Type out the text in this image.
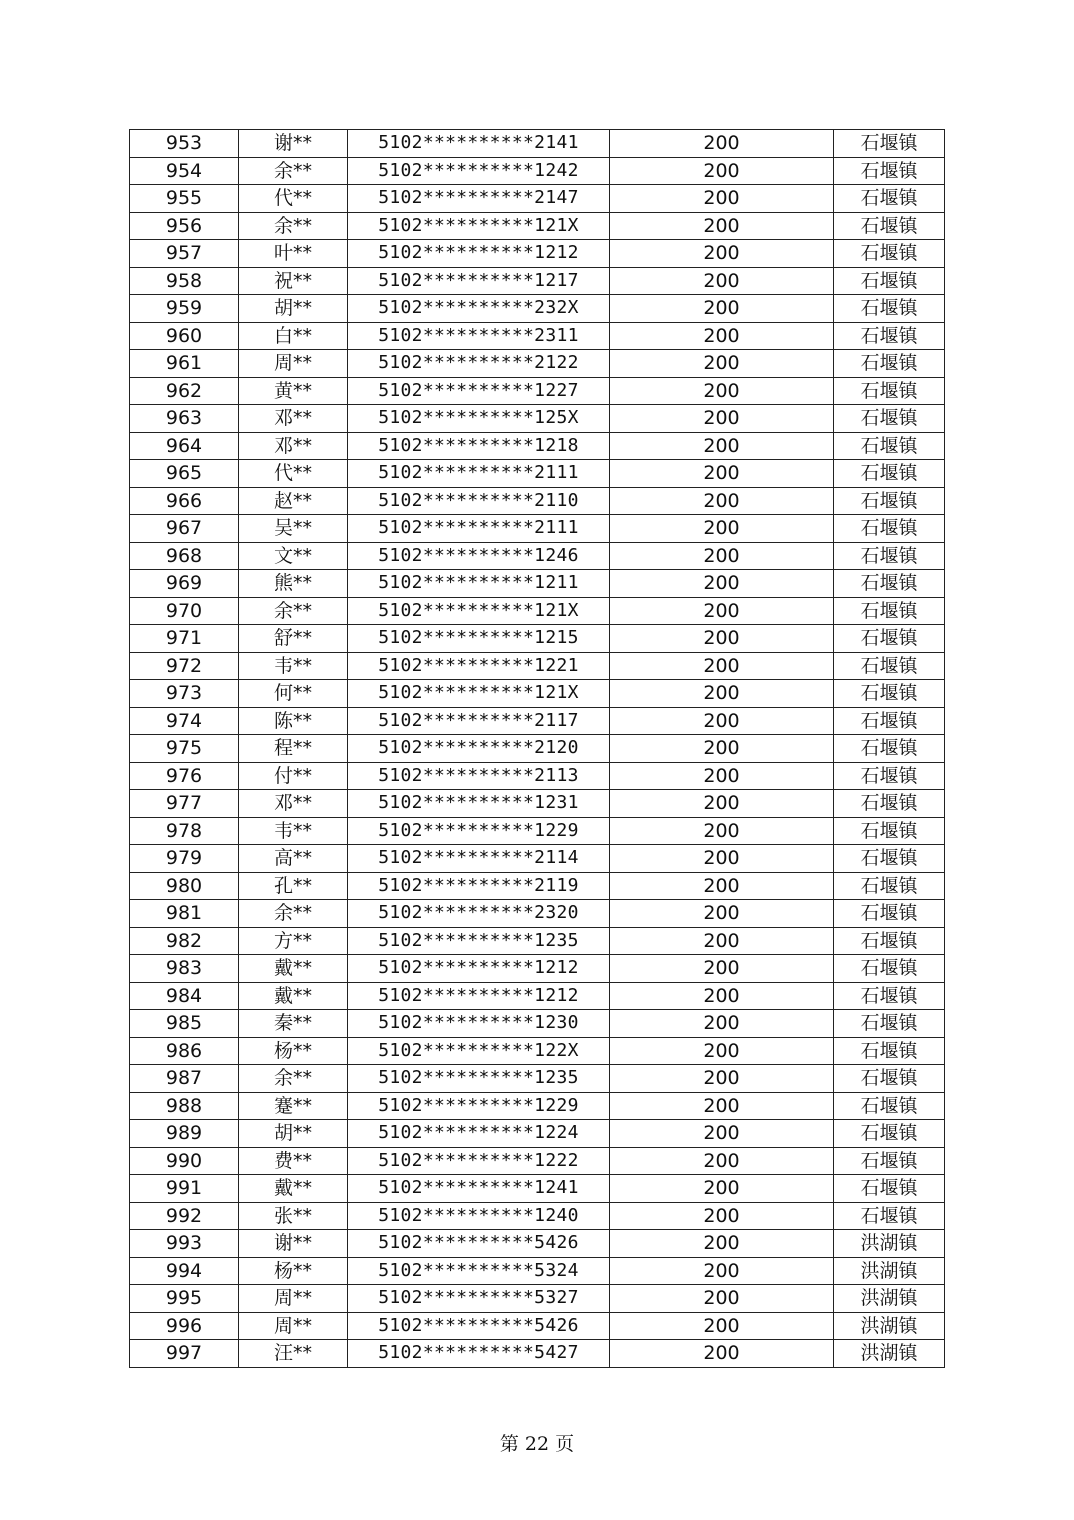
953	谢**	5102**********2141	200	石堰镇
954	余**	5102**********1242	200	石堰镇
955	代**	5102**********2147	200	石堰镇
956	余**	5102**********121X	200	石堰镇
957	叶**	5102**********1212	200	石堰镇
958	祝**	5102**********1217	200	石堰镇
959	胡**	5102**********232X	200	石堰镇
960	白**	5102**********2311	200	石堰镇
961	周**	5102**********2122	200	石堰镇
962	黄**	5102**********1227	200	石堰镇
963	邓**	5102**********125X	200	石堰镇
964	邓**	5102**********1218	200	石堰镇
965	代**	5102**********2111	200	石堰镇
966	赵**	5102**********2110	200	石堰镇
967	吴**	5102**********2111	200	石堰镇
968	文**	5102**********1246	200	石堰镇
969	熊**	5102**********1211	200	石堰镇
970	余**	5102**********121X	200	石堰镇
971	舒**	5102**********1215	200	石堰镇
972	韦**	5102**********1221	200	石堰镇
973	何**	5102**********121X	200	石堰镇
974	陈**	5102**********2117	200	石堰镇
975	程**	5102**********2120	200	石堰镇
976	付**	5102**********2113	200	石堰镇
977	邓**	5102**********1231	200	石堰镇
978	韦**	5102**********1229	200	石堰镇
979	高**	5102**********2114	200	石堰镇
980	孔**	5102**********2119	200	石堰镇
981	余**	5102**********2320	200	石堰镇
982	方**	5102**********1235	200	石堰镇
983	戴**	5102**********1212	200	石堰镇
984	戴**	5102**********1212	200	石堰镇
985	秦**	5102**********1230	200	石堰镇
986	杨**	5102**********122X	200	石堰镇
987	余**	5102**********1235	200	石堰镇
988	蹇**	5102**********1229	200	石堰镇
989	胡**	5102**********1224	200	石堰镇
990	费**	5102**********1222	200	石堰镇
991	戴**	5102**********1241	200	石堰镇
992	张**	5102**********1240	200	石堰镇
993	谢**	5102**********5426	200	洪湖镇
994	杨**	5102**********5324	200	洪湖镇
995	周**	5102**********5327	200	洪湖镇
996	周**	5102**********5426	200	洪湖镇
997	汪**	5102**********5427	200	洪湖镇
第 22 页
